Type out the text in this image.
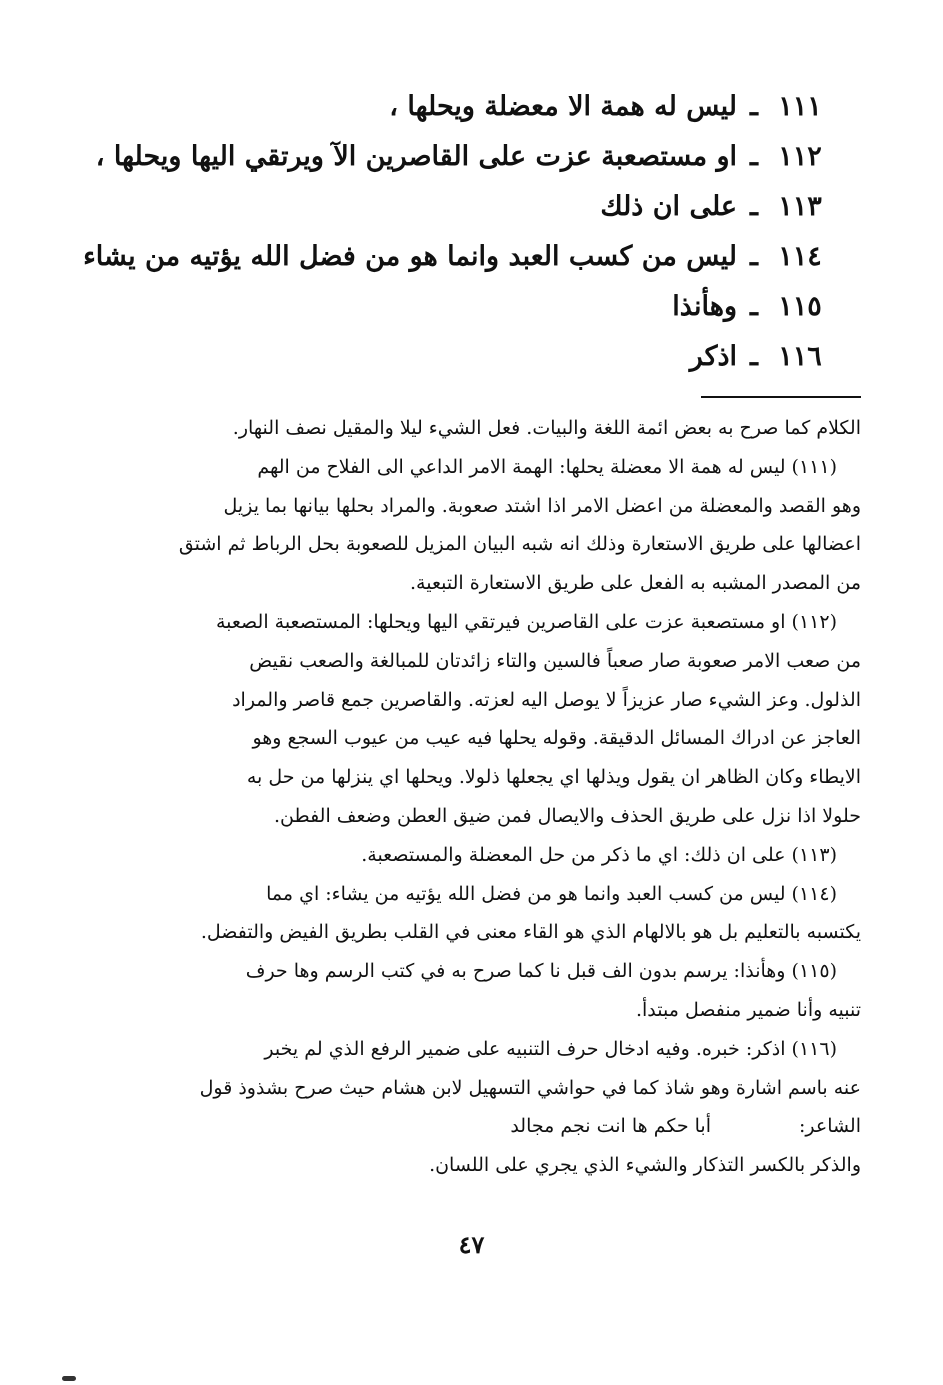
١١١ـليس له همة الا معضلة ويحلها ،
١١٢ـاو مستصعبة عزت على القاصرين الآ ويرتقي اليها ويحلها ،
١١٣ـعلى ان ذلك
١١٤ـليس من كسب العبد وانما هو من فضل الله يؤتيه من يشاء
١١٥ـوهأنذا
١١٦ـاذكر
الكلام كما صرح به بعض ائمة اللغة والبيات. فعل الشيء ليلا والمقيل نصف النهار.
(١١١) ليس له همة الا معضلة يحلها: الهمة الامر الداعي الى الفلاح من الهم
وهو القصد والمعضلة من اعضل الامر اذا اشتد صعوبة. والمراد بحلها بيانها بما يزيل
اعضالها على طريق الاستعارة وذلك انه شبه البيان المزيل للصعوبة بحل الرباط ثم اشتق
من المصدر المشبه به الفعل على طريق الاستعارة التبعية.
(١١٢) او مستصعبة عزت على القاصرين فيرتقي اليها ويحلها: المستصعبة الصعبة
من صعب الامر صعوبة صار صعباً فالسين والتاء زائدتان للمبالغة والصعب نقيض
الذلول. وعز الشيء صار عزيزاً لا يوصل اليه لعزته. والقاصرين جمع قاصر والمراد
العاجز عن ادراك المسائل الدقيقة. وقوله يحلها فيه عيب من عيوب السجع وهو
الايطاء وكان الظاهر ان يقول ويذلها اي يجعلها ذلولا. ويحلها اي ينزلها من حل به
حلولا اذا نزل على طريق الحذف والايصال فمن ضيق العطن وضعف الفطن.
(١١٣) على ان ذلك: اي ما ذكر من حل المعضلة والمستصعبة.
(١١٤) ليس من كسب العبد وانما هو من فضل الله يؤتيه من يشاء: اي مما
يكتسبه بالتعليم بل هو بالالهام الذي هو القاء معنى في القلب بطريق الفيض والتفضل.
(١١٥) وهأنذا: يرسم بدون الف قبل نا كما صرح به في كتب الرسم وها حرف
تنبيه وأنا ضمير منفصل مبتدأ.
(١١٦) اذكر: خبره. وفيه ادخال حرف التنبيه على ضمير الرفع الذي لم يخبر
عنه باسم اشارة وهو شاذ كما في حواشي التسهيل لابن هشام حيث صرح بشذوذ قول
الشاعر:أبا حكم ها انت نجم مجالد
والذكر بالكسر التذكار والشيء الذي يجري على اللسان.
٤٧
